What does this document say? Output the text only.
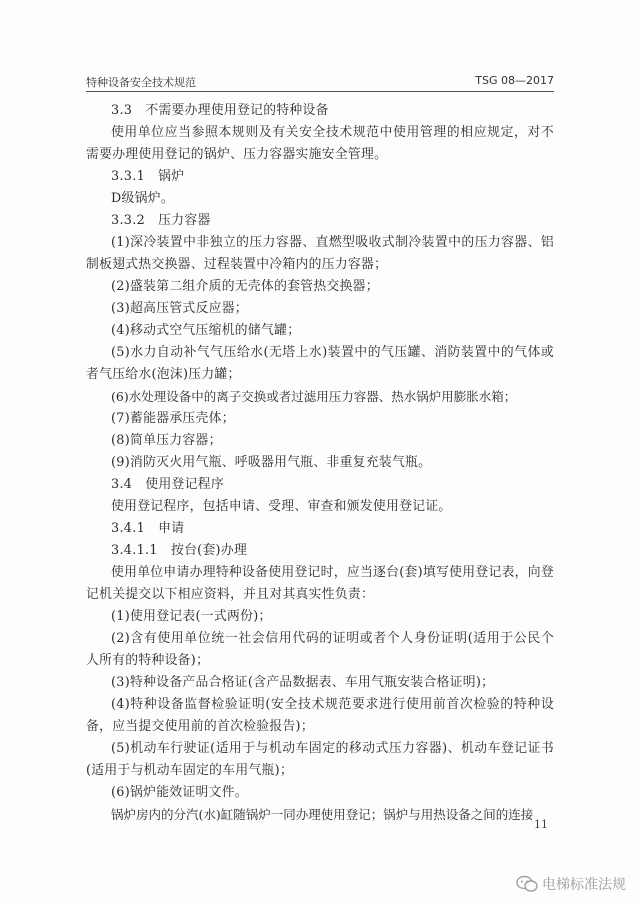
特种设备安全技术规范	TSG 08—2017

3.3　不需要办理使用登记的特种设备

使用单位应当参照本规则及有关安全技术规范中使用管理的相应规定，对不需要办理使用登记的锅炉、压力容器实施安全管理。

3.3.1　锅炉

D级锅炉。

3.3.2　压力容器

(1)深冷装置中非独立的压力容器、直燃型吸收式制冷装置中的压力容器、铝制板翅式热交换器、过程装置中冷箱内的压力容器；

(2)盛装第二组介质的无壳体的套管热交换器；

(3)超高压管式反应器；

(4)移动式空气压缩机的储气罐；

(5)水力自动补气气压给水(无塔上水)装置中的气压罐、消防装置中的气体或者气压给水(泡沫)压力罐；

(6)水处理设备中的离子交换或者过滤用压力容器、热水锅炉用膨胀水箱；

(7)蓄能器承压壳体；

(8)简单压力容器；

(9)消防灭火用气瓶、呼吸器用气瓶、非重复充装气瓶。

3.4　使用登记程序

使用登记程序，包括申请、受理、审查和颁发使用登记证。

3.4.1　申请

3.4.1.1　按台(套)办理

使用单位申请办理特种设备使用登记时，应当逐台(套)填写使用登记表，向登记机关提交以下相应资料，并且对其真实性负责：

(1)使用登记表(一式两份)；

(2)含有使用单位统一社会信用代码的证明或者个人身份证明(适用于公民个人所有的特种设备)；

(3)特种设备产品合格证(含产品数据表、车用气瓶安装合格证明)；

(4)特种设备监督检验证明(安全技术规范要求进行使用前首次检验的特种设备，应当提交使用前的首次检验报告)；

(5)机动车行驶证(适用于与机动车固定的移动式压力容器)、机动车登记证书(适用于与机动车固定的车用气瓶)；

(6)锅炉能效证明文件。

锅炉房内的分汽(水)缸随锅炉一同办理使用登记；锅炉与用热设备之间的连接

11
电梯标准法规
